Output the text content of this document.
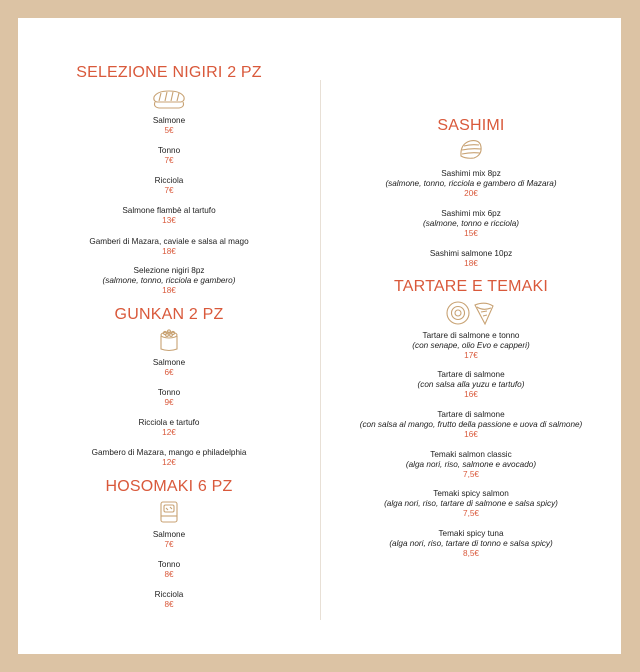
SELEZIONE NIGIRI 2 PZ
Salmone
5€
Tonno
7€
Ricciola
7€
Salmone flambè al tartufo
13€
Gamberi di Mazara, caviale e salsa al mago
18€
Selezione nigiri 8pz
(salmone, tonno, ricciola e gambero)
18€
GUNKAN 2 PZ
Salmone
6€
Tonno
9€
Ricciola e tartufo
12€
Gambero di Mazara, mango e philadelphia
12€
HOSOMAKI 6 PZ
Salmone
7€
Tonno
8€
Ricciola
8€
SASHIMI
Sashimi mix 8pz
(salmone, tonno, ricciola e gambero di Mazara)
20€
Sashimi mix 6pz
(salmone, tonno e ricciola)
15€
Sashimi salmone 10pz
18€
TARTARE E TEMAKI
Tartare di salmone e tonno
(con senape, olio Evo e capperi)
17€
Tartare di salmone
(con salsa alla yuzu e tartufo)
16€
Tartare di salmone
(con salsa al mango, frutto della passione e uova di salmone)
16€
Temaki salmon classic
(alga nori, riso, salmone e avocado)
7,5€
Temaki spicy salmon
(alga nori, riso, tartare di salmone e salsa spicy)
7,5€
Temaki spicy tuna
(alga nori, riso, tartare di tonno e salsa spicy)
8,5€
